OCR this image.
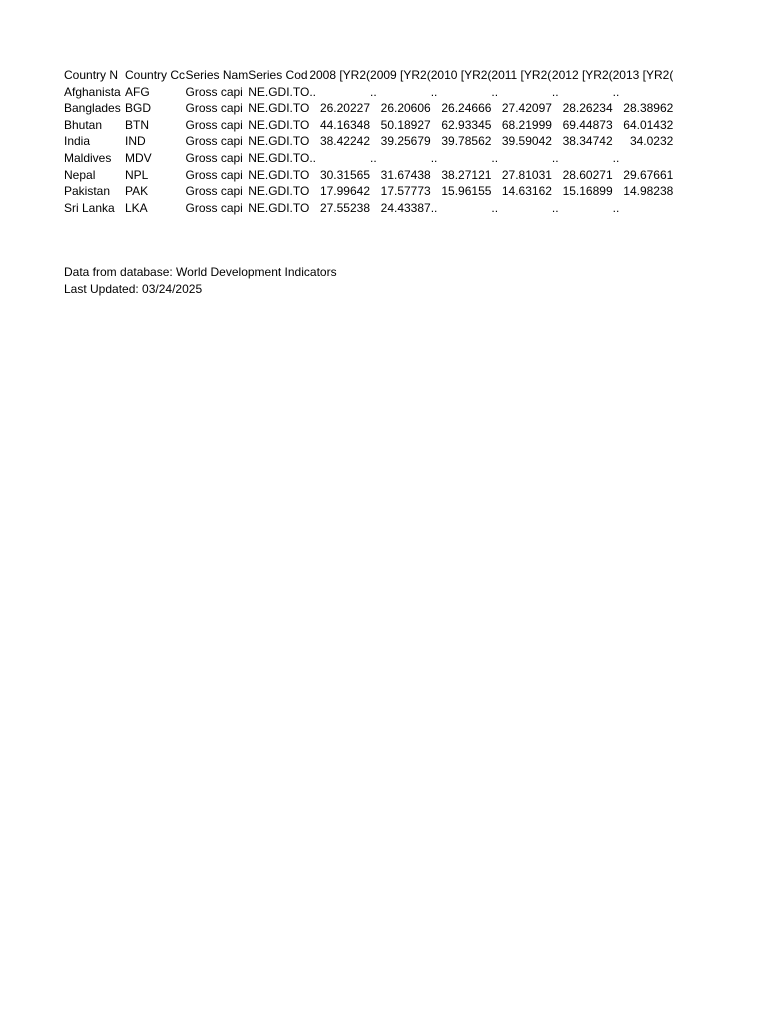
Country N	Country Cc	Series Nam	Series Cod	2008 [YR2(	2009 [YR2(	2010 [YR2(	2011 [YR2(	2012 [YR2(	2013 [YR2(
Afghanista	AFG	Gross capi	NE.GDI.TO	..	..	..	..	..	..
Banglades	BGD	Gross capi	NE.GDI.TO	26.20227	26.20606	26.24666	27.42097	28.26234	28.38962
Bhutan	BTN	Gross capi	NE.GDI.TO	44.16348	50.18927	62.93345	68.21999	69.44873	64.01432
India	IND	Gross capi	NE.GDI.TO	38.42242	39.25679	39.78562	39.59042	38.34742	34.0232
Maldives	MDV	Gross capi	NE.GDI.TO	..	..	..	..	..	..
Nepal	NPL	Gross capi	NE.GDI.TO	30.31565	31.67438	38.27121	27.81031	28.60271	29.67661
Pakistan	PAK	Gross capi	NE.GDI.TO	17.99642	17.57773	15.96155	14.63162	15.16899	14.98238
Sri Lanka	LKA	Gross capi	NE.GDI.TO	27.55238	24.43387	..	..	..	..
Data from database: World Development Indicators
Last Updated: 03/24/2025
